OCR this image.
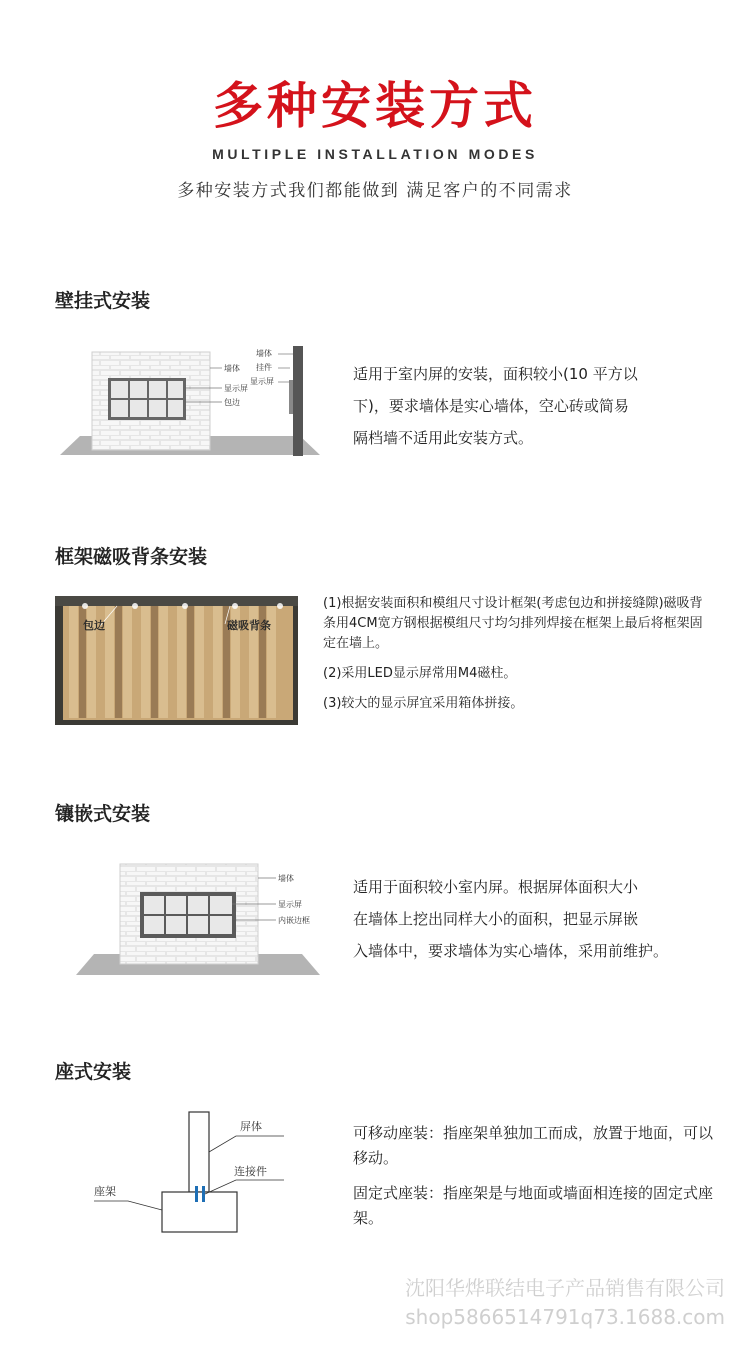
多种安装方式
MULTIPLE INSTALLATION MODES
多种安装方式我们都能做到 满足客户的不同需求
壁挂式安装
墙体
显示屏
包边
墙体
挂件
显示屏	适用于室内屏的安装，面积较小(10 平方以

下)，要求墙体是实心墙体，空心砖或简易

隔档墙不适用此安装方式。

框架磁吸背条安装
包边	磁吸背条

(1)根据安装面积和模组尺寸设计框架(考虑包边和拼接缝隙)磁吸背条用4CM宽方钢根据模组尺寸均匀排列焊接在框架上最后将框架固定在墙上。

(2)采用LED显示屏常用M4磁柱。

(3)较大的显示屏宜采用箱体拼接。

镶嵌式安装
墙体
显示屏
内嵌边框

适用于面积较小室内屏。根据屏体面积大小

在墙体上挖出同样大小的面积，把显示屏嵌

入墙体中，要求墙体为实心墙体，采用前维护。

座式安装
屏体
连接件
座架

可移动座装：指座架单独加工而成，放置于地面，可以移动。

固定式座装：指座架是与地面或墙面相连接的固定式座架。

沈阳华烨联结电子产品销售有限公司
shop5866514791q73.1688.com
